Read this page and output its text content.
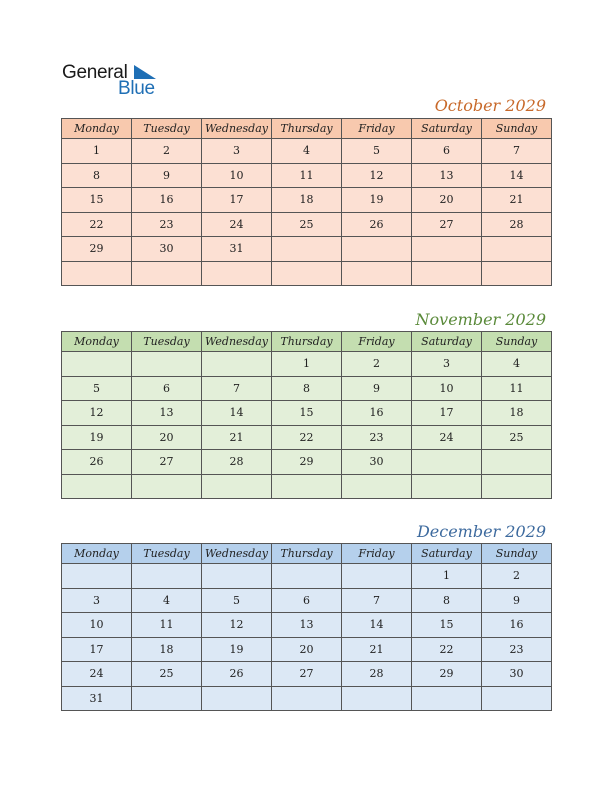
General
Blue
October 2029
Monday	Tuesday	Wednesday	Thursday	Friday	Saturday	Sunday
1	2	3	4	5	6	7
8	9	10	11	12	13	14
15	16	17	18	19	20	21
22	23	24	25	26	27	28
29	30	31				

November 2029
Monday	Tuesday	Wednesday	Thursday	Friday	Saturday	Sunday
			1	2	3	4
5	6	7	8	9	10	11
12	13	14	15	16	17	18
19	20	21	22	23	24	25
26	27	28	29	30		

December 2029
Monday	Tuesday	Wednesday	Thursday	Friday	Saturday	Sunday
					1	2
3	4	5	6	7	8	9
10	11	12	13	14	15	16
17	18	19	20	21	22	23
24	25	26	27	28	29	30
31						
